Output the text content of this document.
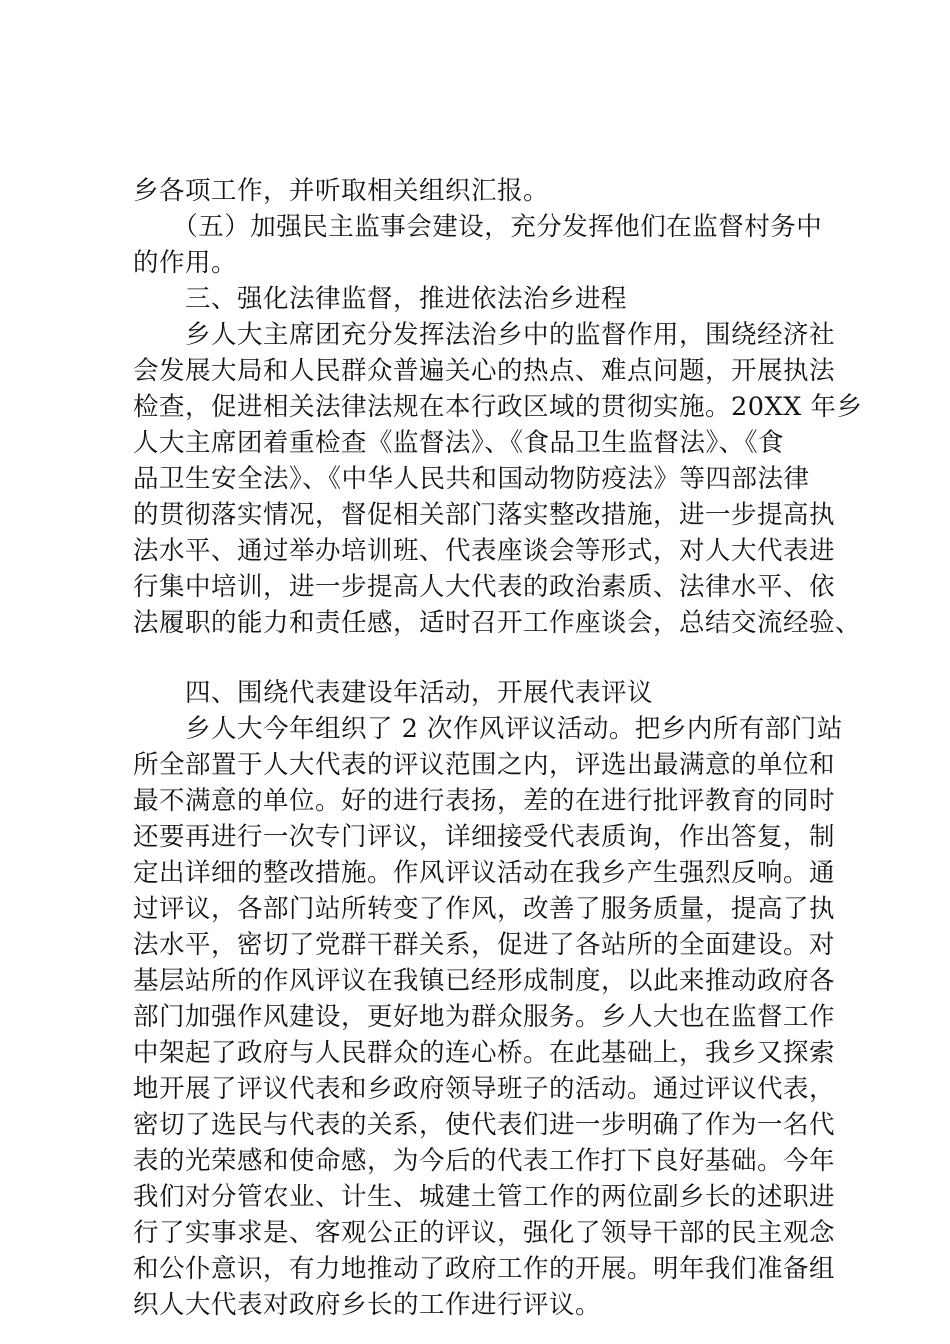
乡各项工作，并听取相关组织汇报。
　　（五）加强民主监事会建设，充分发挥他们在监督村务中
的作用。
　　三、强化法律监督，推进依法治乡进程
　　乡人大主席团充分发挥法治乡中的监督作用，围绕经济社
会发展大局和人民群众普遍关心的热点、难点问题，开展执法
检查，促进相关法律法规在本行政区域的贯彻实施。20XX 年乡
人大主席团着重检查《监督法》、《食品卫生监督法》、《食
品卫生安全法》、《中华人民共和国动物防疫法》等四部法律
的贯彻落实情况，督促相关部门落实整改措施，进一步提高执
法水平、通过举办培训班、代表座谈会等形式，对人大代表进
行集中培训，进一步提高人大代表的政治素质、法律水平、依
法履职的能力和责任感，适时召开工作座谈会，总结交流经验、
　　四、围绕代表建设年活动，开展代表评议
　　乡人大今年组织了 2 次作风评议活动。把乡内所有部门站
所全部置于人大代表的评议范围之内，评选出最满意的单位和
最不满意的单位。好的进行表扬，差的在进行批评教育的同时
还要再进行一次专门评议，详细接受代表质询，作出答复，制
定出详细的整改措施。作风评议活动在我乡产生强烈反响。通
过评议，各部门站所转变了作风，改善了服务质量，提高了执
法水平，密切了党群干群关系，促进了各站所的全面建设。对
基层站所的作风评议在我镇已经形成制度，以此来推动政府各
部门加强作风建设，更好地为群众服务。乡人大也在监督工作
中架起了政府与人民群众的连心桥。在此基础上，我乡又探索
地开展了评议代表和乡政府领导班子的活动。通过评议代表，
密切了选民与代表的关系，使代表们进一步明确了作为一名代
表的光荣感和使命感，为今后的代表工作打下良好基础。今年
我们对分管农业、计生、城建土管工作的两位副乡长的述职进
行了实事求是、客观公正的评议，强化了领导干部的民主观念
和公仆意识，有力地推动了政府工作的开展。明年我们准备组
织人大代表对政府乡长的工作进行评议。
